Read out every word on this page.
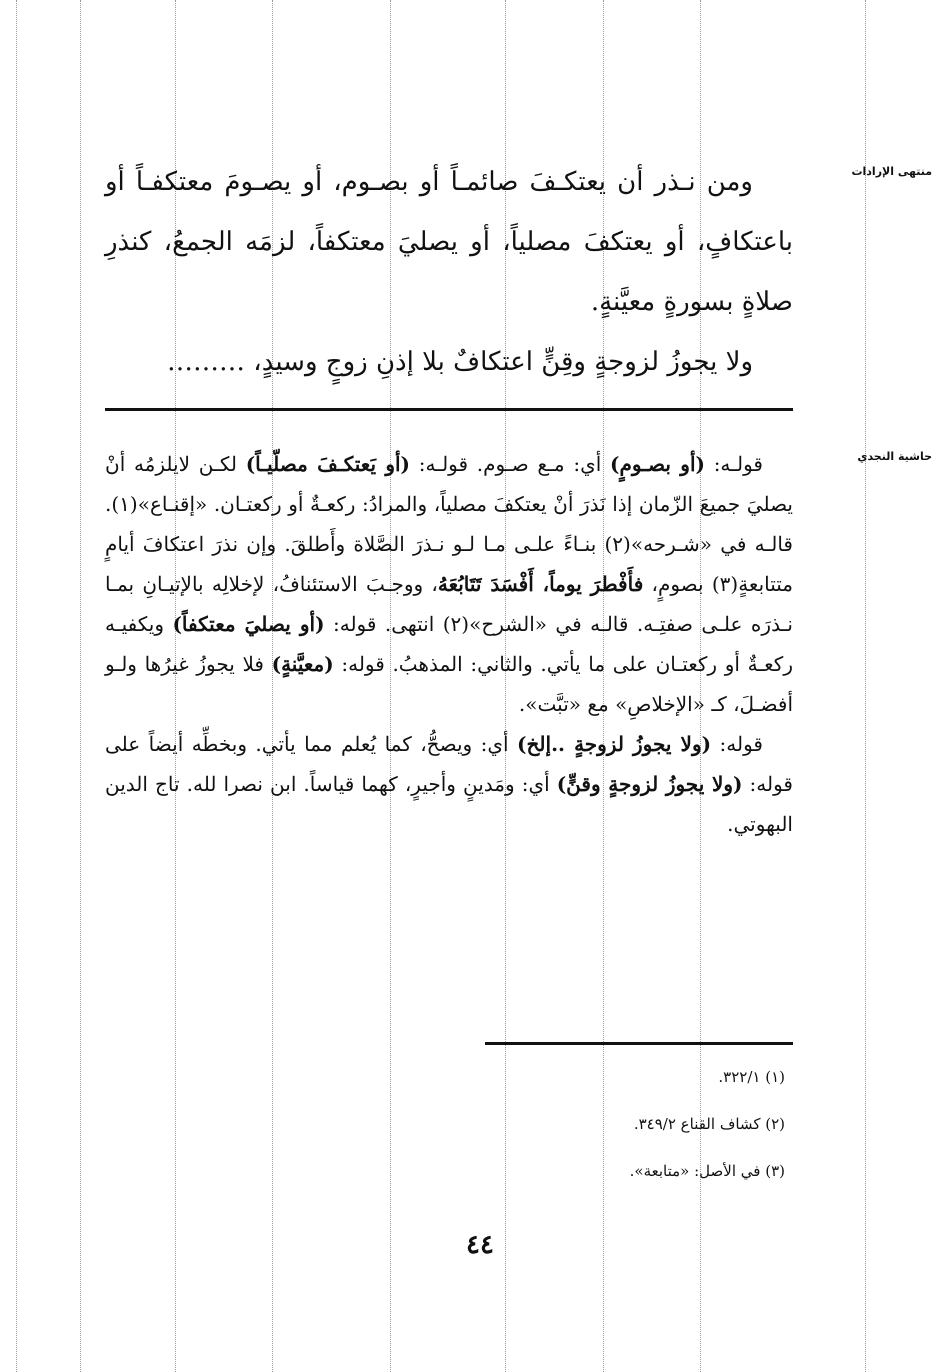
منتهى الإرادات
حاشية النجدي

ومن نـذر أن يعتكـفَ صائمـاً أو بصـوم، أو يصـومَ معتكفـاً أو باعتكافٍ، أو يعتكفَ مصلياً، أو يصليَ معتكفاً، لزمَه الجمعُ، كنذرِ صلاةٍ بسورةٍ معيَّنةٍ.

ولا يجوزُ لزوجةٍ وقِنٍّ اعتكافٌ بلا إذنِ زوجٍ وسيدٍ، ………

قولـه: (أو بصـومٍ) أي: مـع صـوم. قولـه: (أو يَعتكـفَ مصلّيـاً) لكـن لايلزمُه أنْ يصليَ جميعَ الزّمان إذا نَذرَ أنْ يعتكفَ مصلياً، والمرادُ: ركعـةٌ أو ركعتـان. «إقنـاع»(١). قالـه في «شـرحه»(٢) بنـاءً علـى مـا لـو نـذرَ الصَّلاة وأَطلقَ. وإن نذرَ اعتكافَ أيامٍ متتابعةٍ(٣) بصومٍ، فأَفْطرَ يوماً، أَفْسَدَ تَتَابُعَهُ، ووجـبَ الاستئنافُ، لإخلالِه بالإتيـانِ بمـا نـذرَه علـى صفتِـه. قالـه في «الشرح»(٢) انتهى. قوله: (أو يصليَ معتكفاً) ويكفيـه ركعـةٌ أو ركعتـان على ما يأتي. والثاني: المذهبُ. قوله: (معيَّنةٍ) فلا يجوزُ غيرُها ولـو أفضـلَ، كـ «الإخلاصِ» مع «تبَّت».

قوله: (ولا يجوزُ لزوجةٍ ..إلخ) أي: ويصحُّ، كما يُعلم مما يأتي. وبخطِّه أيضاً على قوله: (ولا يجوزُ لزوجةٍ وقنٍّ) أي: ومَدينٍ وأجيرٍ، كهما قياساً. ابن نصرا لله. تاج الدين البهوتي.

(١) ٣٢٢/١.
(٢) كشاف القناع ٣٤٩/٢.
(٣) في الأصل: «متابعة».
٤٤
